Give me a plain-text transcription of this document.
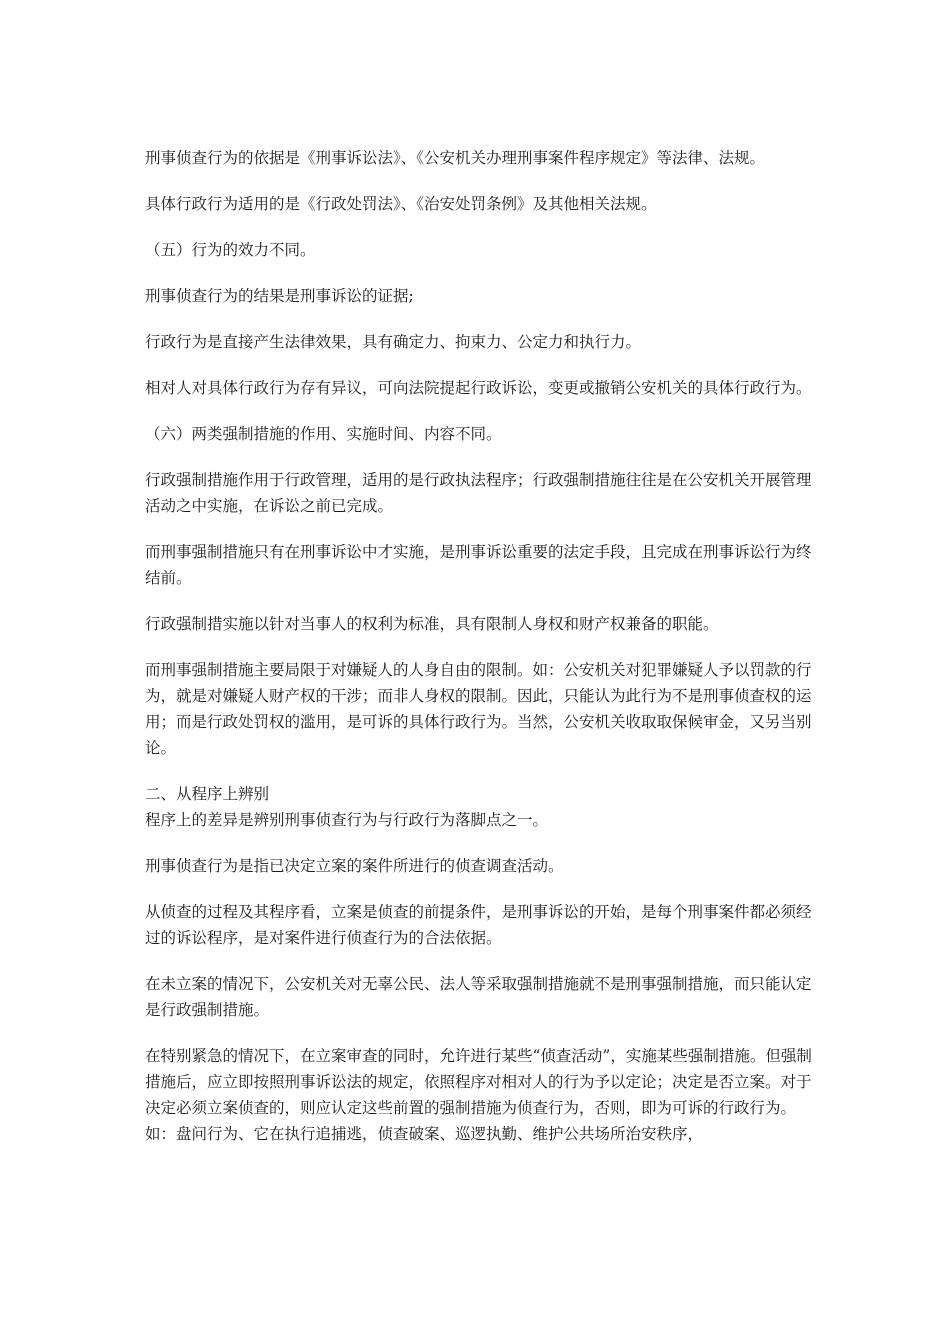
刑事侦查行为的依据是《刑事诉讼法》、《公安机关办理刑事案件程序规定》等法律、法规。

具体行政行为适用的是《行政处罚法》、《治安处罚条例》及其他相关法规。

（五）行为的效力不同。

刑事侦查行为的结果是刑事诉讼的证据;

行政行为是直接产生法律效果，具有确定力、拘束力、公定力和执行力。

相对人对具体行政行为存有异议，可向法院提起行政诉讼，变更或撤销公安机关的具体行政行为。

（六）两类强制措施的作用、实施时间、内容不同。

行政强制措施作用于行政管理，适用的是行政执法程序；行政强制措施往往是在公安机关开展管理活动之中实施，在诉讼之前已完成。

而刑事强制措施只有在刑事诉讼中才实施，是刑事诉讼重要的法定手段，且完成在刑事诉讼行为终结前。

行政强制措实施以针对当事人的权利为标准，具有限制人身权和财产权兼备的职能。

而刑事强制措施主要局限于对嫌疑人的人身自由的限制。如：公安机关对犯罪嫌疑人予以罚款的行为，就是对嫌疑人财产权的干涉；而非人身权的限制。因此，只能认为此行为不是刑事侦查权的运用；而是行政处罚权的滥用，是可诉的具体行政行为。当然，公安机关收取取保候审金，又另当别论。

二、从程序上辨别

程序上的差异是辨别刑事侦查行为与行政行为落脚点之一。

刑事侦查行为是指已决定立案的案件所进行的侦查调查活动。

从侦查的过程及其程序看，立案是侦查的前提条件，是刑事诉讼的开始，是每个刑事案件都必须经过的诉讼程序，是对案件进行侦查行为的合法依据。

在未立案的情况下，公安机关对无辜公民、法人等采取强制措施就不是刑事强制措施，而只能认定是行政强制措施。

在特别紧急的情况下，在立案审查的同时，允许进行某些“侦查活动”，实施某些强制措施。但强制措施后，应立即按照刑事诉讼法的规定，依照程序对相对人的行为予以定论；决定是否立案。对于决定必须立案侦查的，则应认定这些前置的强制措施为侦查行为，否则，即为可诉的行政行为。如：盘问行为、它在执行追捕逃，侦查破案、巡逻执勤、维护公共场所治安秩序，
